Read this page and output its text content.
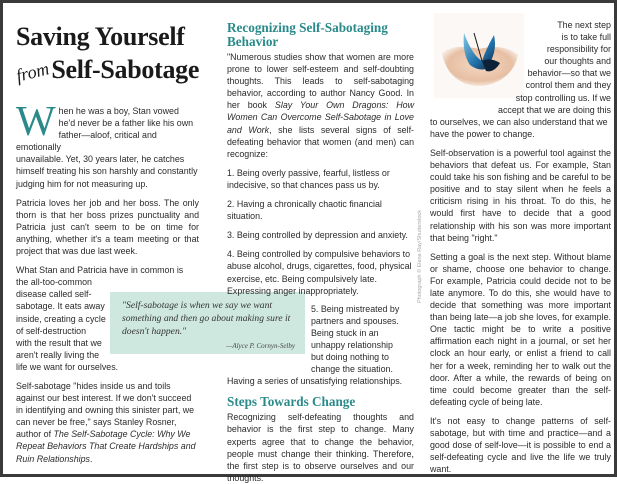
Saving Yourself
fromSelf-Sabotage
W hen he was a boy, Stan vowed
he'd never be a father like his own
father—aloof, critical and emotionally

unavailable. Yet, 30 years later, he catches himself treating his son harshly and constantly judging him for not measuring up.

Patricia loves her job and her boss. The only thorn is that her boss prizes punctuality and Patricia just can't seem to be on time for anything, whether it's a team meeting or that project that was due last week.

What Stan and Patricia have in common is
the all-too-common
disease called self-
sabotage. It eats away
inside, creating a cycle
of self-destruction
with the result that we
aren't really living the
life we want for ourselves.

Self-sabotage "hides inside us and toils against our best interest. If we don't succeed in identifying and owning this sinister part, we can never be free," says Stanley Rosner, author of The Self-Sabotage Cycle: Why We Repeat Behaviors That Create Hardships and Ruin Relationships.

"Self-sabotage is when we say we want something and then go about making sure it doesn't happen."
—Alyce P. Cornyn-Selby
Recognizing Self-Sabotaging Behavior

"Numerous studies show that women are more prone to lower self-esteem and self-doubting thoughts. This leads to self-sabotaging behavior, according to author Nancy Good. In her book Slay Your Own Dragons: How Women Can Overcome Self-Sabotage in Love and Work, she lists several signs of self-defeating behavior that women (and men) can recognize:

1. Being overly passive, fearful, listless or indecisive, so that chances pass us by.

2. Having a chronically chaotic financial situation.

3. Being controlled by depression and anxiety.

4. Being controlled by compulsive behaviors to abuse alcohol, drugs, cigarettes, food, physical exercise, etc. Being compulsively late. Expressing anger inappropriately.

5. Being mistreated by
partners and spouses.
Being stuck in an
unhappy relationship
but doing nothing to
change the situation.

Having a series of unsatisfying relationships.

Steps Towards Change

Recognizing self-defeating thoughts and behavior is the first step to change. Many experts agree that to change the behavior, people must change their thinking. Therefore, the first step is to observe ourselves and our thoughts.

Photograph © Elena Ray/Shutterstock
The next step
is to take full
responsibility for
our thoughts and
behavior—so that we
control them and they
stop controlling us. If we
accept that we are doing this

to ourselves, we can also understand that we have the power to change.

Self-observation is a powerful tool against the behaviors that defeat us. For example, Stan could take his son fishing and be careful to be positive and to stay silent when he feels a criticism rising in his throat. To do this, he would first have to decide that a good relationship with his son was more important that being "right."

Setting a goal is the next step. Without blame or shame, choose one behavior to change. For example, Patricia could decide not to be late anymore. To do this, she would have to decide that something was more important than being late—a job she loves, for example. One tactic might be to write a positive affirmation each night in a journal, or set her clock an hour early, or enlist a friend to call her for a week, reminding her to walk out the door. After a while, the rewards of being on time could become greater than the self-defeating cycle of being late.

It's not easy to change patterns of self-sabotage, but with time and practice—and a good dose of self-love—it is possible to end a self-defeating cycle and live the life we truly want.
